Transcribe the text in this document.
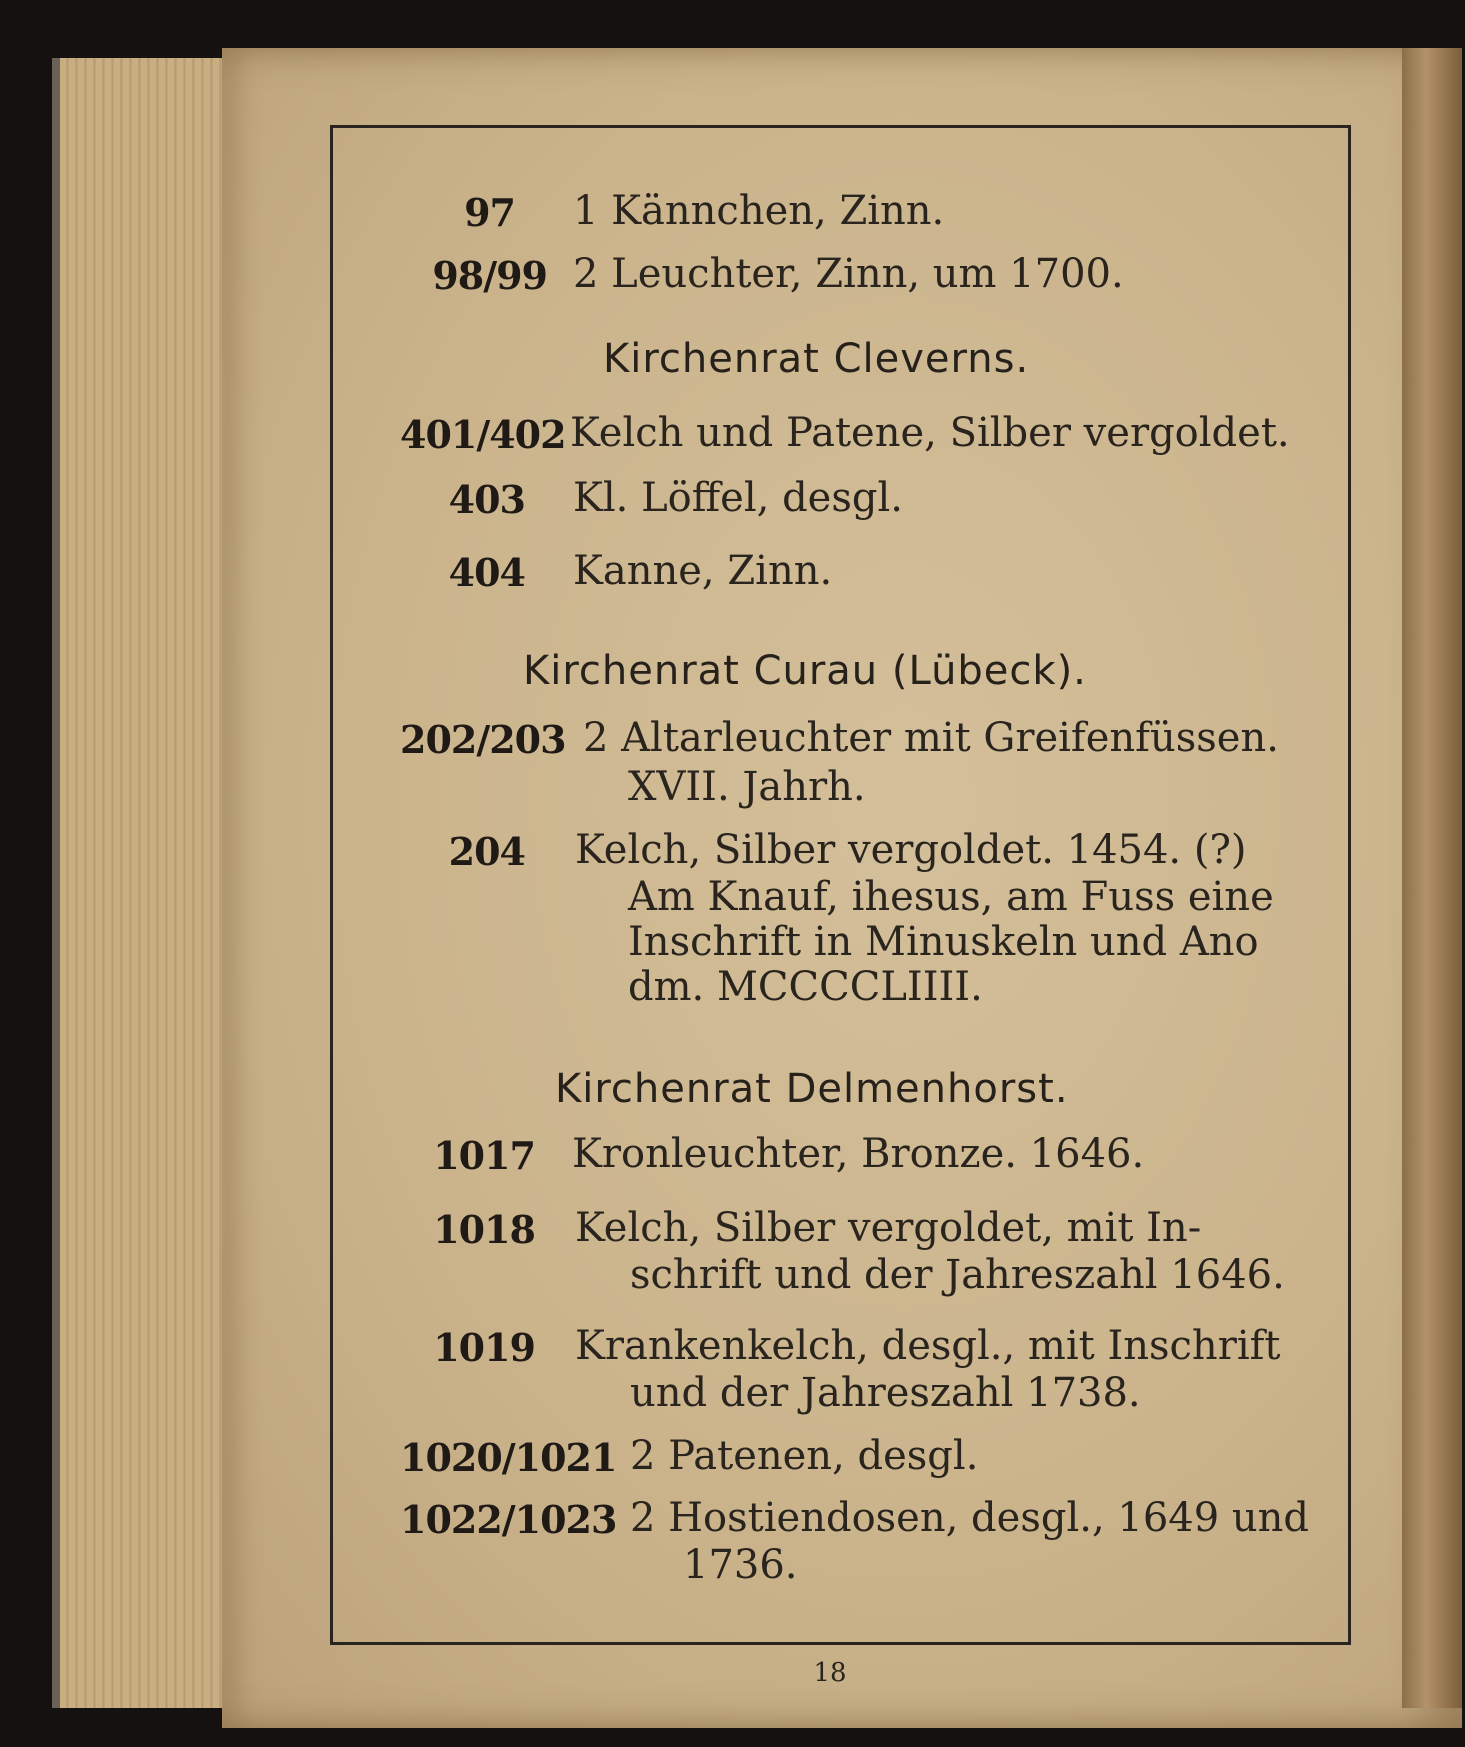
97 1 Kännchen, Zinn.
98/99 2 Leuchter, Zinn, um 1700.
Kirchenrat Cleverns.
401/402 Kelch und Patene, Silber vergoldet.
403 Kl. Löffel, desgl.
404 Kanne, Zinn.
Kirchenrat Curau (Lübeck).
202/203 2 Altarleuchter mit Greifenfüssen.
XVII. Jahrh.
204 Kelch, Silber vergoldet. 1454. (?)
Am Knauf, ihesus, am Fuss eine
Inschrift in Minuskeln und Ano
dm. MCCCCLIIII.
Kirchenrat Delmenhorst.
1017 Kronleuchter, Bronze. 1646.
1018 Kelch, Silber vergoldet, mit In-
schrift und der Jahreszahl 1646.
1019 Krankenkelch, desgl., mit Inschrift
und der Jahreszahl 1738.
1020/1021 2 Patenen, desgl.
1022/1023 2 Hostiendosen, desgl., 1649 und
1736.
18
